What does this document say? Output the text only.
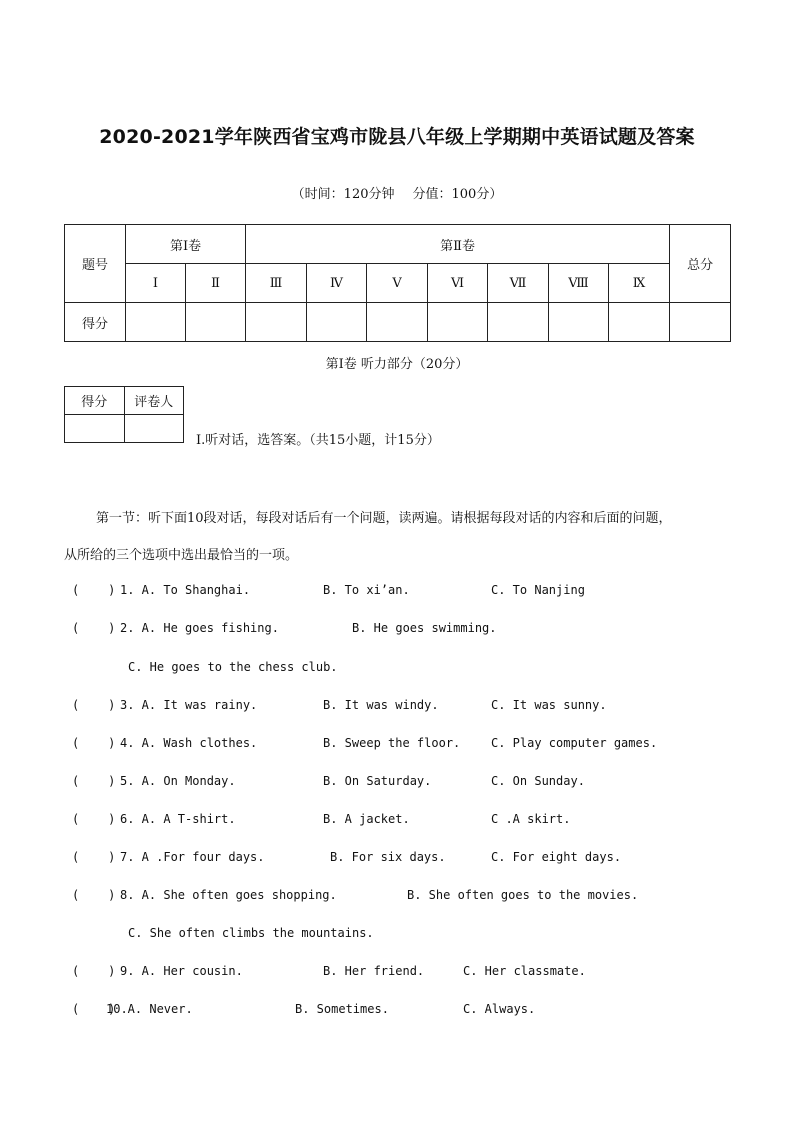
2020-2021学年陕西省宝鸡市陇县八年级上学期期中英语试题及答案
（时间：120分钟 分值：100分）
题号	第Ⅰ卷		第Ⅱ卷							总分
	Ⅰ	Ⅱ	Ⅲ	Ⅳ	Ⅴ	Ⅵ	Ⅶ	Ⅷ	Ⅸ	
得分										
第Ⅰ卷 听力部分（20分）
得分	评卷人

I.听对话，选答案。（共15小题，计15分）
第一节：听下面10段对话，每段对话后有一个问题，读两遍。请根据每段对话的内容和后面的问题，
从所给的三个选项中选出最恰当的一项。

(    )

1. A. To Shanghai.

	B. To xi’an.

	C. To Nanjing

(    )

2. A. He goes fishing.

	B. He goes swimming.

C. He goes to the chess club.

(    )

3. A. It was rainy.

	B. It was windy.

	C. It was sunny.

(    )

4. A. Wash clothes.

	B. Sweep the floor.

	C. Play computer games.

(    )

5. A. On Monday.

	B. On Saturday.

	C. On Sunday.

(    )

6. A. A T-shirt.

	B. A jacket.

	C .A skirt.

(    )

7. A .For four days.

	B. For six days.

	C. For eight days.

(    )

8. A. She often goes shopping.

	B. She often goes to the movies.

C. She often climbs the mountains.

(    )

9. A. Her cousin.

	B. Her friend.

	C. Her classmate.

(    )

10.A. Never.

	B. Sometimes.

	C. Always.
